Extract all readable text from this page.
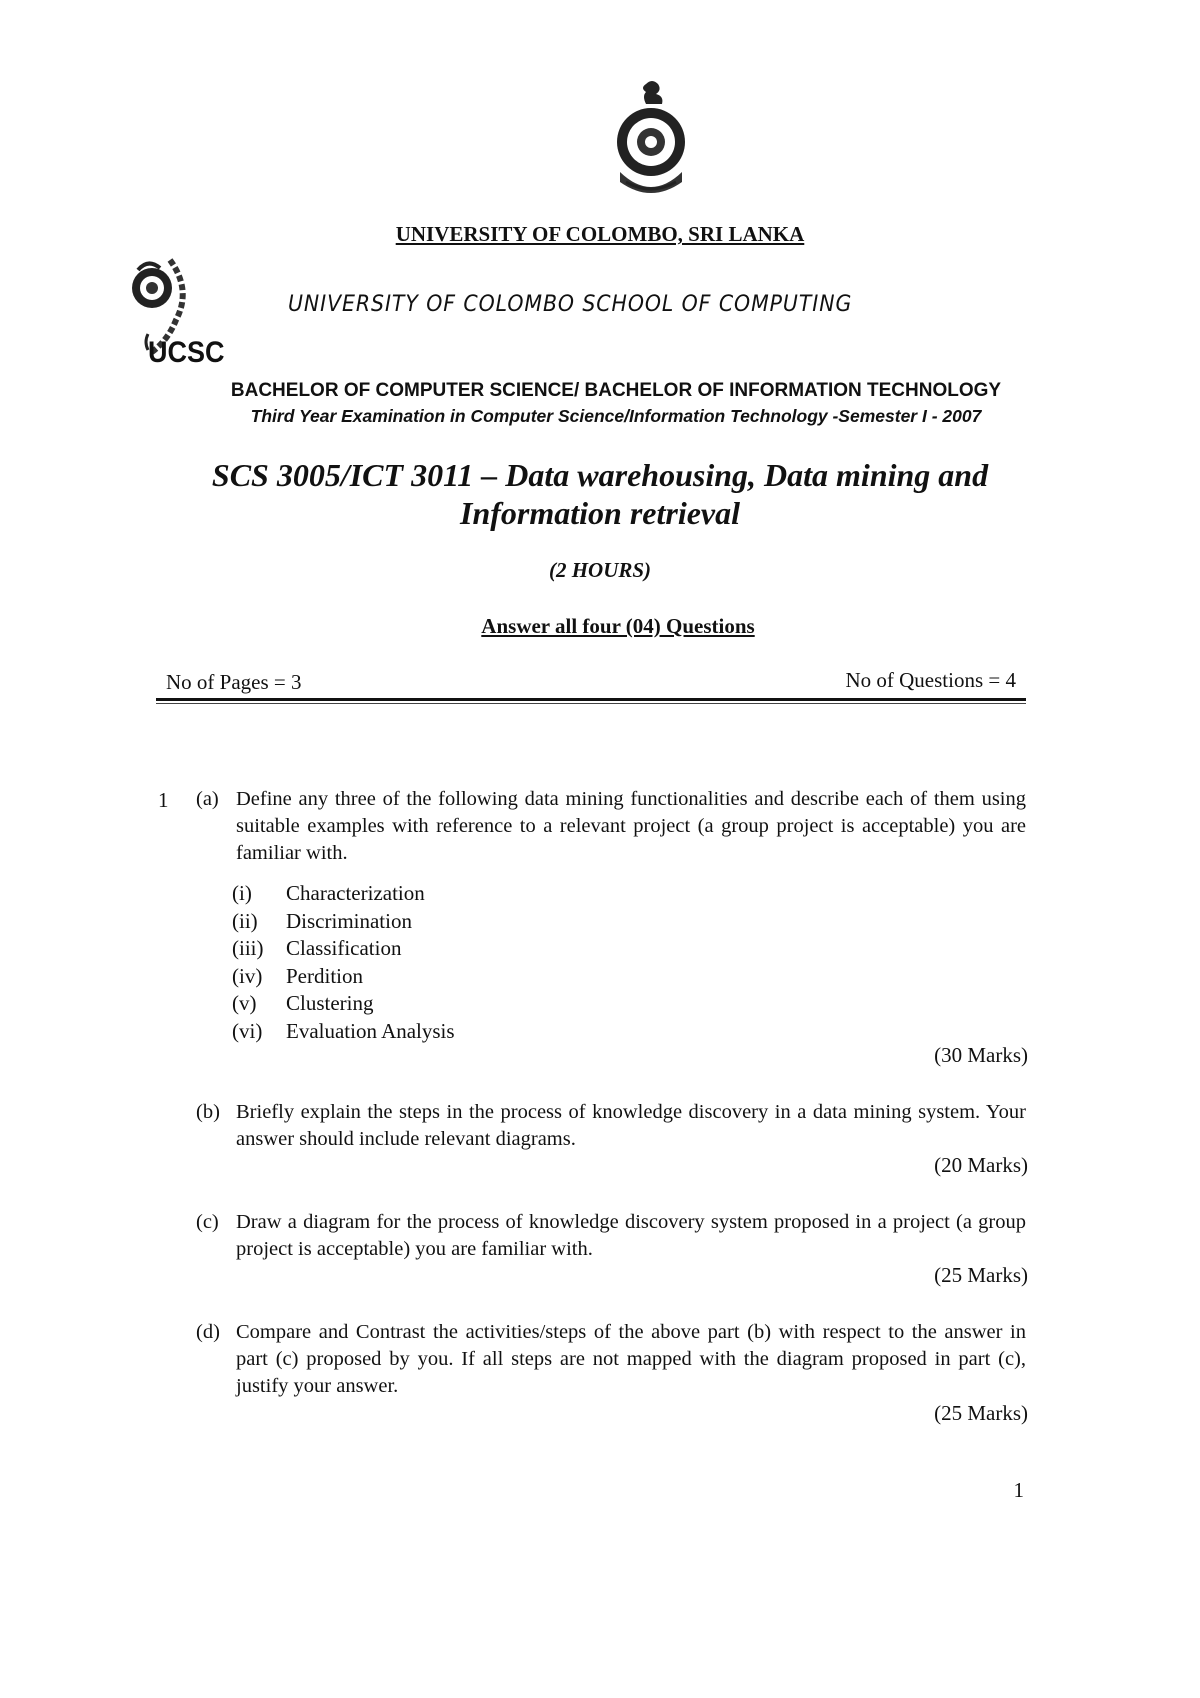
UCSC
UNIVERSITY OF COLOMBO, SRI LANKA
UNIVERSITY OF COLOMBO SCHOOL OF COMPUTING
BACHELOR OF COMPUTER SCIENCE/ BACHELOR OF INFORMATION TECHNOLOGY
Third Year Examination in Computer Science/Information Technology -Semester I - 2007
SCS 3005/ICT 3011 – Data warehousing, Data mining and
Information retrieval
(2 HOURS)
Answer all four (04) Questions
No of Pages = 3	No of Questions = 4
1 (a) Define any three of the following data mining functionalities and describe each of them using suitable examples with reference to a relevant project (a group project is acceptable) you are familiar with.
(i)	Characterization
(ii)	Discrimination
(iii)	Classification
(iv)	Perdition
(v)	Clustering
(vi)	Evaluation Analysis
(30 Marks)
(b) Briefly explain the steps in the process of knowledge discovery in a data mining system. Your answer should include relevant diagrams.
(20 Marks)
(c) Draw a diagram for the process of knowledge discovery system proposed in a project (a group project is acceptable) you are familiar with.
(25 Marks)
(d) Compare and Contrast the activities/steps of the above part (b) with respect to the answer in part (c) proposed by you. If all steps are not mapped with the diagram proposed in part (c), justify your answer.
(25 Marks)
1
